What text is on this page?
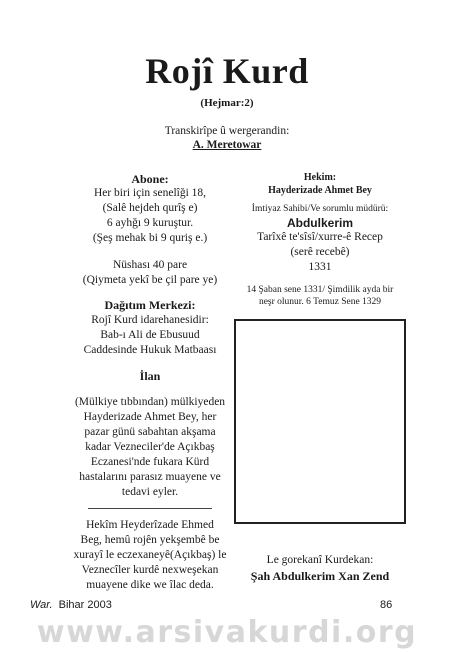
Rojî Kurd
(Hejmar:2)
Transkirîpe û wergerandin:
A. Meretowar
Abone:
Her biri için senelîği 18,
(Salê hejdeh qurîş e)
6 ayhğı 9 kuruştur.
(Şeş mehak bi 9 quriş e.)
Nüshası 40 pare
(Qiymeta yekî be çil pare ye)
Dağıtım Merkezi:
Rojî Kurd idarehanesidir:
Bab-ı Ali de Ebusuud
Caddesinde Hukuk Matbaası
İlan
(Mülkiye tıbbından) mülkiyeden
Hayderizade Ahmet Bey, her
pazar günü sabahtan akşama
kadar Vezneciler'de Açıkbaş
Eczanesi'nde fukara Kürd
hastalarını parasız muayene ve
tedavi eyler.
Hekîm Heyderîzade Ehmed
Beg, hemû rojên yekşembê be
xurayî le eczexaneyê(Açıkbaş) le
Veznecîler kurdê nexweşekan
muayene dike we îlac deda.
Hekim:
Hayderizade Ahmet Bey
İmtiyaz Sahibi/Ve sorumlu müdürü:
Abdulkerim
Tarîxê te'sîsî/xurre-ê Recep
(serê recebê)
1331
14 Şaban sene 1331/ Şimdilik ayda bir
neşr olunur. 6 Temuz Sene 1329
Le gorekanî Kurdekan:
Şah Abdulkerim Xan Zend
War. Bihar 2003	86
www.arsivakurdi.org
